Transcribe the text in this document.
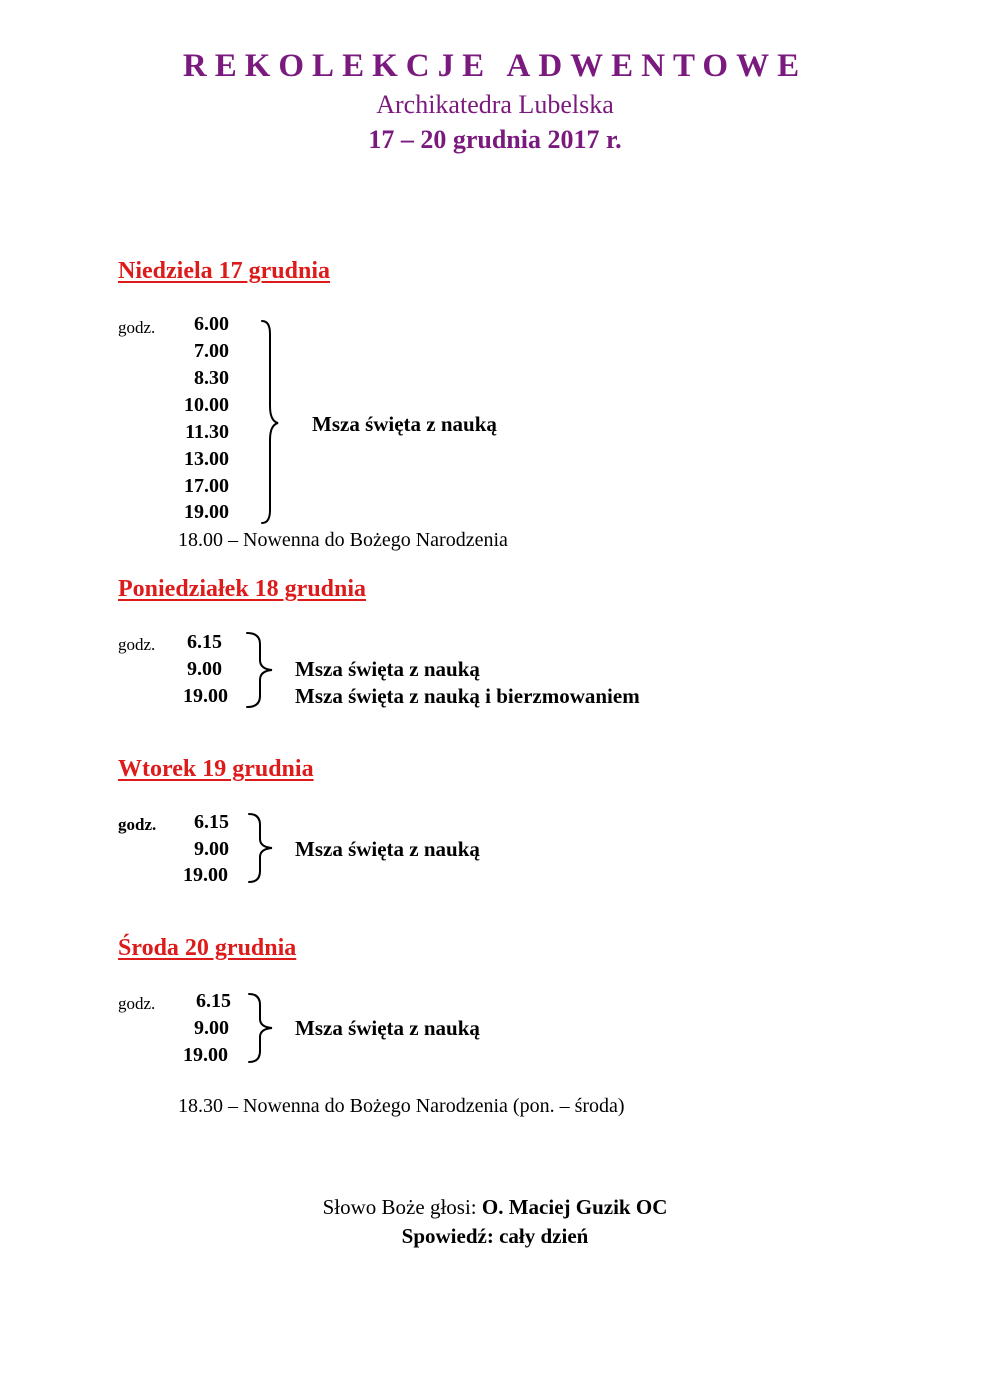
REKOLEKCJE ADWENTOWE
Archikatedra Lubelska
17 – 20 grudnia 2017 r.
Niedziela 17 grudnia
godz.	6.00
7.00
8.30
10.00
11.30
13.00
17.00
19.00
Msza święta z nauką
18.00 – Nowenna do Bożego Narodzenia
Poniedziałek 18 grudnia
godz.	6.15
9.00
19.00
Msza święta z nauką
Msza święta z nauką i bierzmowaniem
Wtorek 19 grudnia
godz.	6.15
9.00
19.00
Msza święta z nauką
Środa 20 grudnia
godz.	6.15
9.00
19.00
Msza święta z nauką
18.30 – Nowenna do Bożego Narodzenia (pon. – środa)
Słowo Boże głosi: O. Maciej Guzik OC
Spowiedź: cały dzień
